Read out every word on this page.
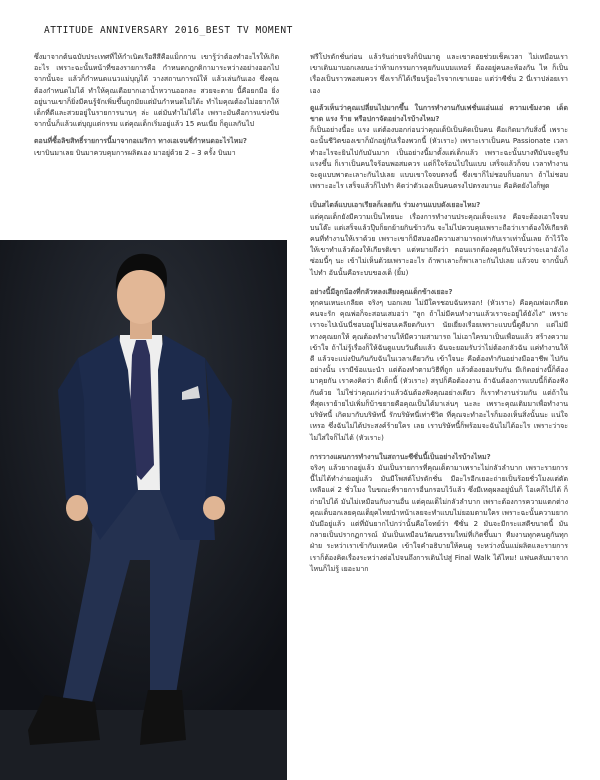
ATTITUDE ANNIVERSARY 2016_BEST TV MOMENT

ซึ่งมาจากต้นฉบับประเทศที่ให้กำเนิดเรือสีสีคือแม็กกาน เขารู้ว่าต้องทำอะไรให้เกิดอะไร เพราะฉะนั้นหน้าที่ของรายการคือ กำหนดกฎกติกามาระหว่างอย่างออกไปจากนั้นจะ แล้วก็กำหนดแนวแม่บุญได้ วางสถานการณ์ให้ แล้วเล่นกันเอง ซึ่งคุณต้องกำหนดไม่ได้ ทำให้คุณเดือยากเอาน้ำหวานออกละ สวยจะตาย นี้คือยกมือ ยิ่งอยู่นานเขาก็ยิ่งมีคนรู้จักเพิ่มขึ้นถูกมัยแต่มันกำหนดไม่ได้ะ ทำไมคุณต้องไม่อยากให้เด็กที่ดีและสวยอยู่ในรายการนานๆ ล่ะ แต่มันทำไม่ได้ไง เพราะมันคือการแข่งขัน จากนั้นก็แล้วแต่บุญแต่กรรม แต่คุณเด็กเริ่มอยู่แล้ว 15 คนเนี่ย ก็ดูแลกันไป

ตอนที่ซื้อลิขสิทธิ์รายการนี้มาจากอเมริกา ทางเอเจนซี่กำหนดอะไรไหม?

เขาบินมาเลย บินมาควบคุมการผลิตเอง มาอยู่ด้วย 2 – 3 ครั้ง บินมา

ฟรีโปรดักชั่นก่อน แล้วรันถ่ายจริงก็บินมาดู และเขาคอยช่วยเช็คเวลา ไม่เหมือนเรา เขาเดินมาบอกเลยนะว่าห้ามกรรมการคุยกับแบมแทอร์ ต้องอยู่คนละห้องกัน ไห ก็เป็นเรื่องเป็นราวพอสมควร ซึ่งเราก็ได้เรียนรู้อะไรจากเขาเยอะ แต่ว่าซีซั่น 2 นี่เราปล่อยเราเอง

ดูแล้วเห็นว่าคุณเปลี่ยนไปมากขึ้น ในการทำงานกับเฟชั่นแอ่นแอ่ ความเข้มงวด เด็ดขาด แรง ร้าย หรือปกาจัดอย่างไรบ้างไหม?

ก็เป็นอย่างนี้อะ แรง แต่ต้องบอกก่อนว่าคุณเด็บิเป็นคิดเป็นคน คือเกิดมากับสิ่งนี้ เพราะฉะนั้นชีวิตของเขาก็มักอยู่กับเรื่องพวกนี้ (หัวเราะ) เพราะเราเป็นคน Passionate เวลาทำอะไรจะยินไปกับมันมาก เป็นอย่างนี้มาตั้งแต่เด็กแล้ว เพราะฉะนั้นบางทีมันจะดูรีบแรงขึ้น ก็เราเป็นคนใจร้อนพอสมควร แต่ก็ใจร้อนไปในแบบ เสร็จแล้วก็จบ เวลาทำงานจะดูแบบพาตะเลาะกันไปเลย แบบเขาใจจบตรงนี้ ซึ่งเขาก็ไม่ชอบก็บอกมา ถ้าไม่ชอบเพราะอะไร เสร็จแล้วก็ไปทำ คิดว่าตัวเองเป็นคนตรงไปตรงมานะ คือคิดยังไงก็พูด

เป็นสไตล์แบบเอาเรียลก็เลยกัน ร่วมงานแบบดังเยอะไหม?

แต่คุณเด็กยังมีความเป็นไทยนะ เรื่องการทำงานประคุณเด็จะแรง คือจะต้องเอาใจจบบนโต๊ะ แต่เสร็จแล้วปุ๊บก็ยกย้ายกินข้าวกัน จะไม่ไปควบคุมเพราะถือว่าเราต้องให้เกียรติคนที่ทำงานให้เราด้วย เพราะเขาก็มีสมองมีความสามารถเท่ากับเราเท่านั้นเลย ถ้าไว้ใจให้เขาทำแล้วต้องให้เกียรติเขา แต่หมายถึงว่า ตอนแรกต้องคุยกันให้จบว่าจะเอาอังไง ซ่อมนี้ๆ นะ เข้าไม่เห็นด้วยเพราะอะไร ถ้าพาเลาะก็พาเลาะกันไปเลย แล้วจบ จากนั้นก็ไปทำ อันนั้นคือระบบของเด็ (ยิ้ม)

อย่างนี้มีลูกน้องที่กลัวหลงเสียงคุณเด็กข้างเยอะ?

ทุกคนเหนะเกลียด จริงๆ บอกเลย ไม่มีใครชอบฉันหรอก! (หัวเราะ) คือคุณพ่อเกลียด คนจะรัก คุณพ่อก็จะสอนเสมอว่า "ลูก ถ้าไม่มีคนทำงานแล้วเราจะอยู่ได้ยังไง" เพราะเราจะไปเน้นนี่ชอบอยู่ไม่ชอบเคลียดกับเรา นัยเยี่ยงเรื่อยเพราะแบบนี้ดูดีมาก แต่ไม่มีทางคุณยกให้ คุณต้องทำงานให้มีความสามารถ ไม่เอาใครมาเป็นเพื่อนแล้ว สร้างความเข้าใจ ถ้าไม่รู้เรื่องก็ให้ฉันดูแบบวันดื่มแล้ว ฉันจะยอมรับว่าไม่ต้องกลัวฉัน แค่ทำงานให้ดี แล้วจะแบ่งปันกันกับฉันในเวลาเดียวกัน เข้าใจนะ คือต้องทำกันอย่างมืออาชีพ ไปกันอย่างนั้น เรามีข้อแนะนำ แต่ต้องทำตามวิธีที่ถูก แล้วต้องยอมรับกัน มีเกิดอย่างนี้ก็ต้องมาคุยกัน เราคงคิดว่า ดีเด็กนี้ (หัวเราะ) สรุปก็คือต้องงาน ถ้าฉันต้องการแบบนี้ก็ต้องฟังกันด้วย ไม่ใช่ว่าคุณเก่งว่าแล้วฉันต้องฟังคุณอย่างเดียว ก็เราทำงานร่วมกัน แต่ถ้าในที่สุดเราย้ายไปเพิ่มก็บ้าขยายคือคุณเป็นได้มาเล่นๆ นะละ เพราะคุณเติมมาเพื่อทำงานบริษัทนี้ เกิดมากับบริษัทนี้ รักบริษัทนี่เท่าชีวิต ที่คุณจะทำอะไรก็มองเห็นสิ่งนั้นนะ แน่ใจเหรอ ซึ่งฉันไม่ได้ประสงค์ร้ายใคร เลย เราบริษัทนี้ก็พร้อมจะฉันไม่ได้อะไร เพราะว่าจะไม่ใส่ใจก็ไม่ได้ (หัวเราะ)

การวางแผนการทำงานในสถานะซีซั่นนี้เป็นอย่างไรบ้างไหม?

จริงๆ แล้วยากอยู่แล้ว มันเป็นรายการที่คุณเด็ตามาเพราะไม่กลัวลำบาก เพราะรายการนี้ไม่ได้ทำง่ายอยู่แล้ว มันมีโพสต์โปรดักชั่น มีอะไรอีกเยอะถ่ายเป็นร้อยชั่วโมงแต่ตัดเหลือแค่ 2 ชั่วโมง ในขณะที่รายการอื่นกรอบไว้แล้ว ซึ่งมีเหตุผลอยู่นั่นก็ โอเคก็ไปได้ ก็ถ่ายไปได้ มันไม่เหมือนกับงานอื่น แต่คุณเด็ไม่กลัวลำบาก เพราะต้องการความแตกต่าง คุณเด็บอกเลยคุณเด็ยุคไทยนำหน้าเลยจะทำแบบไม่ยอมตามใคร เพราะฉะนั้นความยากมันมีอยู่แล้ว แต่ที่มันยากไปกว่านั้นคือโจทย์ว่า ซีซั่น 2 มันจะมีกระแสดีขนาดนี้ มันกลายเป็นปรากฏการณ์ มันเป็นเหมือนวัฒนธรรมใหม่ที่เกิดขึ้นมา ทีมงานทุกคนดูกันทุกฝ่าย ระหว่าเราเข้ากับเทคนิค เข้าใจคำอธิบายให้คนดู ระหว่างนั้นแม่ผลิตและรายการ เราก็ต้องคิดเรื่องระหว่างต่อไปจนถึงการเดินไปสู่ Final Walk ได้ไหม! แฟนคลับมาจากไหนก็ไม่รู้ เยอะมาก
